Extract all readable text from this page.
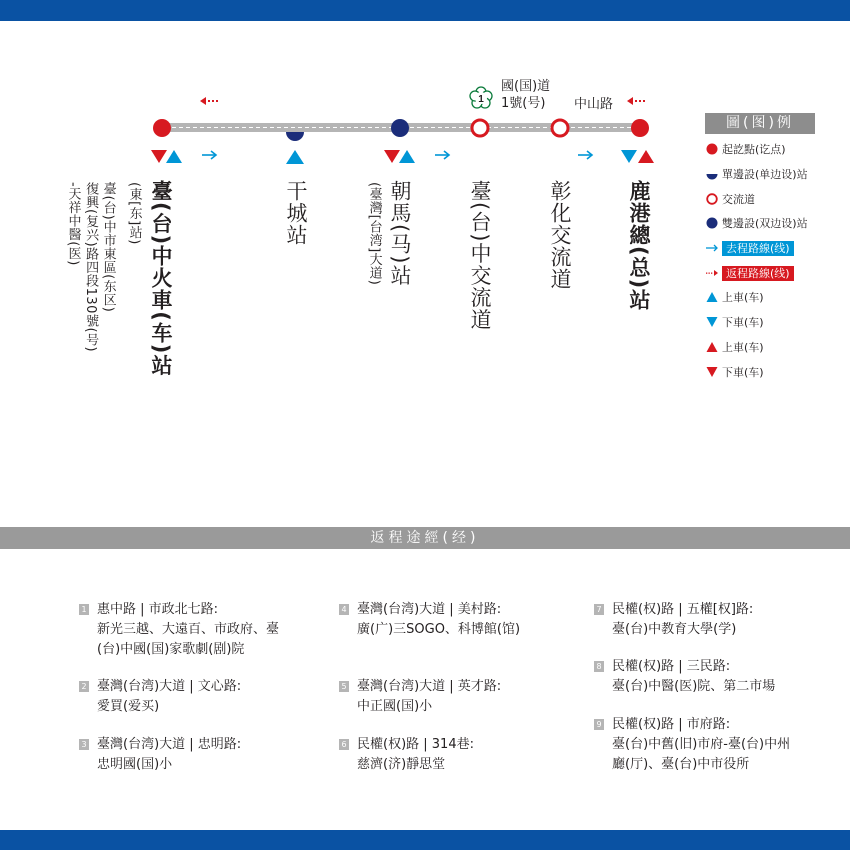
1
國(国)道
1號(号)	中山路
臺(台)中火車(车)站
(東[东]站)
臺(台)中市東區(东区)
復興(复兴)路四段130號(号)
-天祥中醫(医)	干城站	朝馬(马)站
(臺灣[台湾]大道)	臺(台)中交流道	彰化交流道	鹿港總(总)站
圖(图)例
起訖點(讫点)
單邊設(单边设)站
交流道
雙邊設(双边设)站
去程路線(线)
返程路線(线)
上車(车)
下車(车)
上車(车)
下車(车)
返程途經(经)
1 惠中路 | 市政北七路:
新光三越、大遠百、市政府、臺(台)中國(国)家歌劇(剧)院
2 臺灣(台湾)大道 | 文心路:
愛買(爱买)
3 臺灣(台湾)大道 | 忠明路:
忠明國(国)小
4 臺灣(台湾)大道 | 美村路:
廣(广)三SOGO、科博館(馆)
5 臺灣(台湾)大道 | 英才路:
中正國(国)小
6 民權(权)路 | 314巷:
慈濟(济)靜思堂
7 民權(权)路 | 五權[权]路:
臺(台)中教育大學(学)
8 民權(权)路 | 三民路:
臺(台)中醫(医)院、第二市場
9 民權(权)路 | 市府路:
臺(台)中舊(旧)市府-臺(台)中州廳(厅)、臺(台)中市役所
